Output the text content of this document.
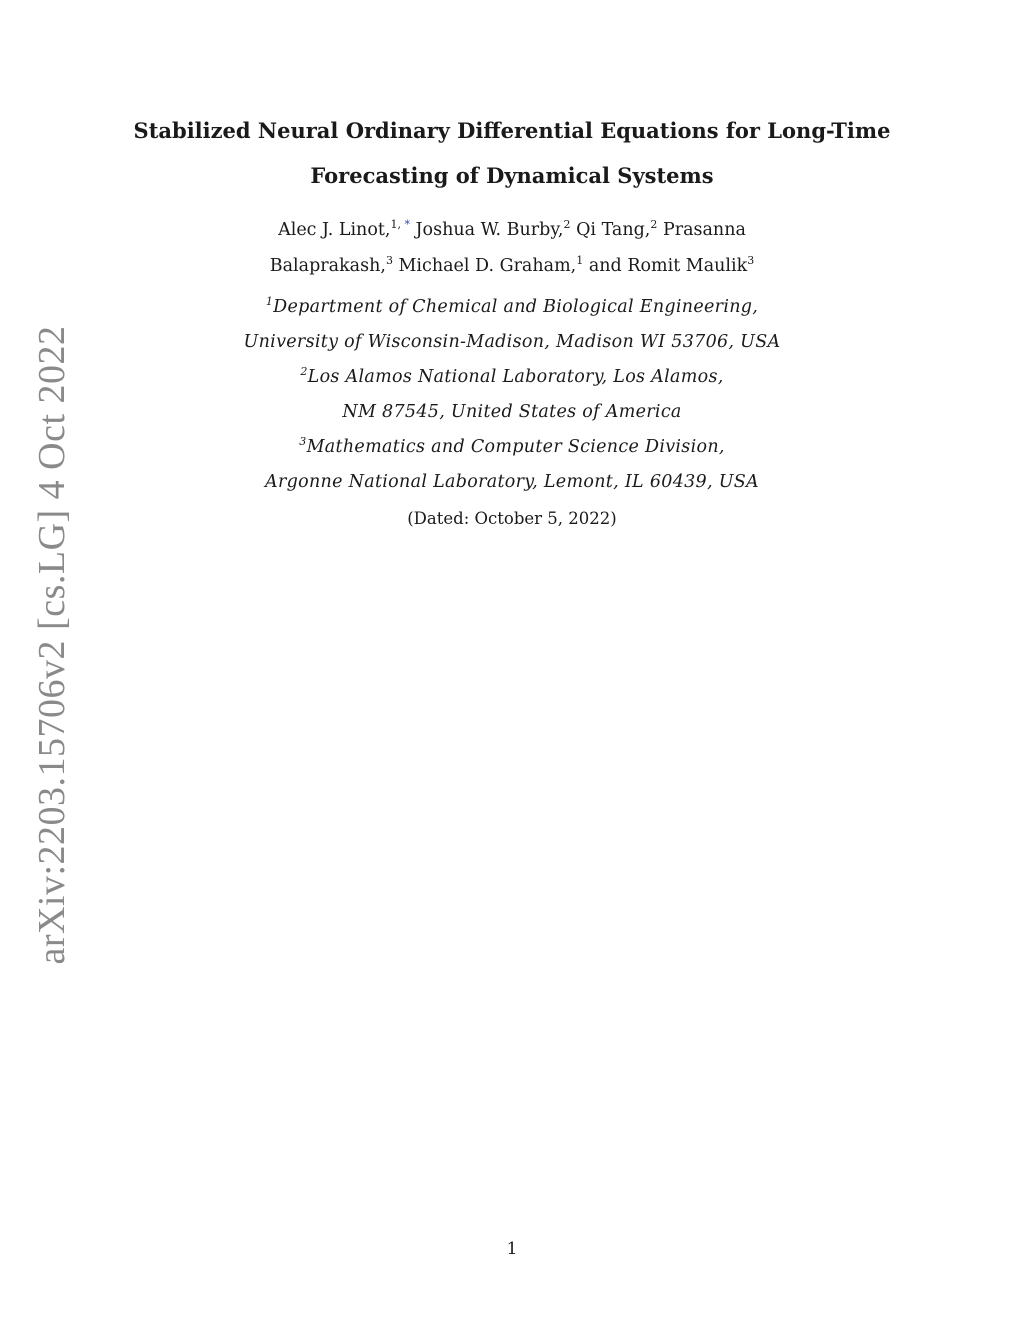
arXiv:2203.15706v2 [cs.LG] 4 Oct 2022
Stabilized Neural Ordinary Differential Equations for Long-Time
Forecasting of Dynamical Systems
Alec J. Linot,$^{1, *}$ Joshua W. Burby,$^2$ Qi Tang,$^2$ Prasanna
Balaprakash,$^3$ Michael D. Graham,$^1$ and Romit Maulik$^3$
$^1$Department of Chemical and Biological Engineering,
University of Wisconsin-Madison, Madison WI 53706, USA
$^2$Los Alamos National Laboratory, Los Alamos,
NM 87545, United States of America
$^3$Mathematics and Computer Science Division,
Argonne National Laboratory, Lemont, IL 60439, USA
(Dated: October 5, 2022)
1
